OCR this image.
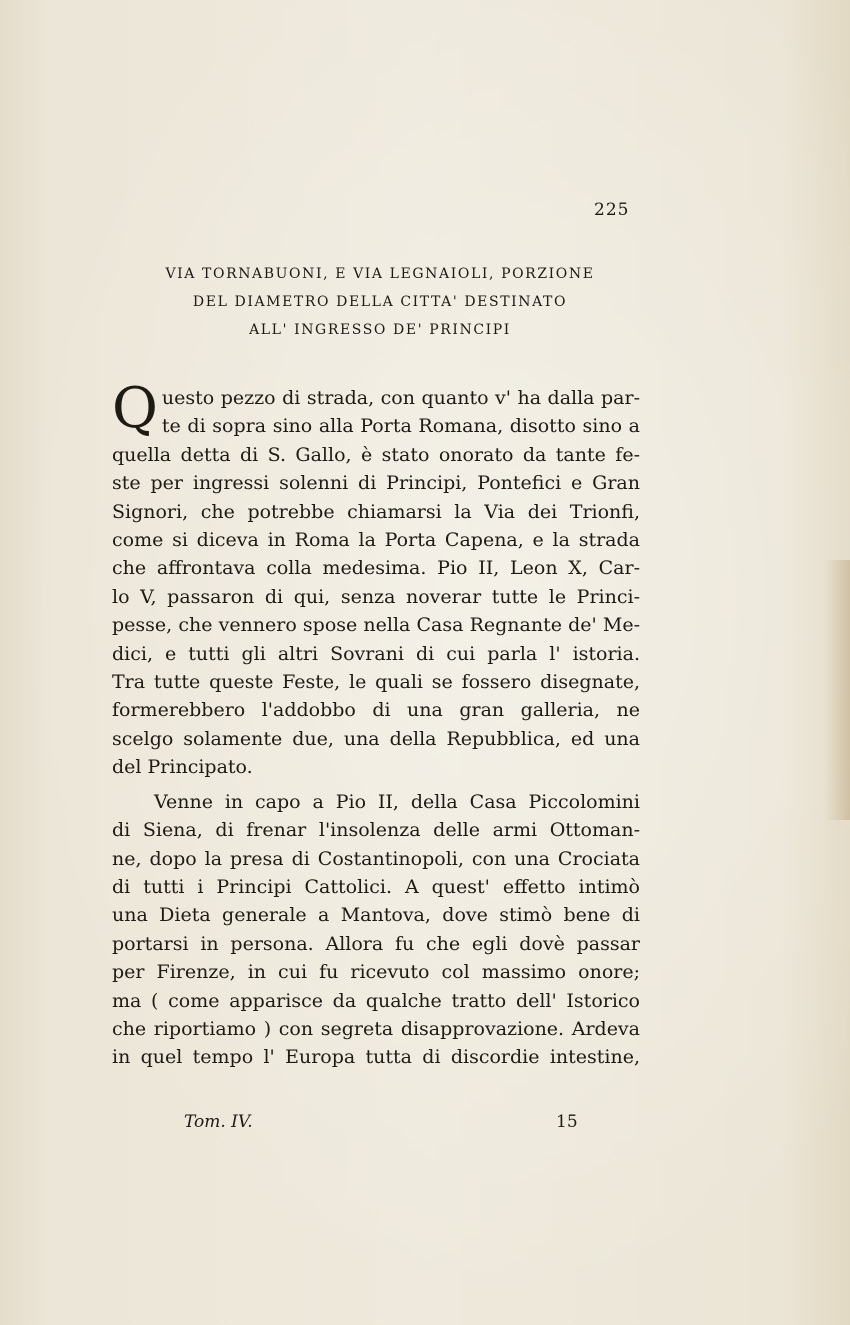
225
VIA TORNABUONI, E VIA LEGNAIOLI, PORZIONE
DEL DIAMETRO DELLA CITTA' DESTINATO
ALL' INGRESSO DE' PRINCIPI
Q uesto pezzo di strada, con quanto v' ha dalla par-
te di sopra sino alla Porta Romana, disotto sino a
quella detta di S. Gallo, è stato onorato da tante fe-
ste per ingressi solenni di Principi, Pontefici e Gran
Signori, che potrebbe chiamarsi la Via dei Trionfi,
come si diceva in Roma la Porta Capena, e la strada
che affrontava colla medesima. Pio II, Leon X, Car-
lo V, passaron di qui, senza noverar tutte le Princi-
pesse, che vennero spose nella Casa Regnante de' Me-
dici, e tutti gli altri Sovrani di cui parla l' istoria.
Tra tutte queste Feste, le quali se fossero disegnate,
formerebbero l'addobbo di una gran galleria, ne
scelgo solamente due, una della Repubblica, ed una
del Principato.
Venne in capo a Pio II, della Casa Piccolomini
di Siena, di frenar l'insolenza delle armi Ottoman-
ne, dopo la presa di Costantinopoli, con una Crociata
di tutti i Principi Cattolici. A quest' effetto intimò
una Dieta generale a Mantova, dove stimò bene di
portarsi in persona. Allora fu che egli dovè passar
per Firenze, in cui fu ricevuto col massimo onore;
ma ( come apparisce da qualche tratto dell' Istorico
che riportiamo ) con segreta disapprovazione. Ardeva
in quel tempo l' Europa tutta di discordie intestine,
Tom. IV.	15
